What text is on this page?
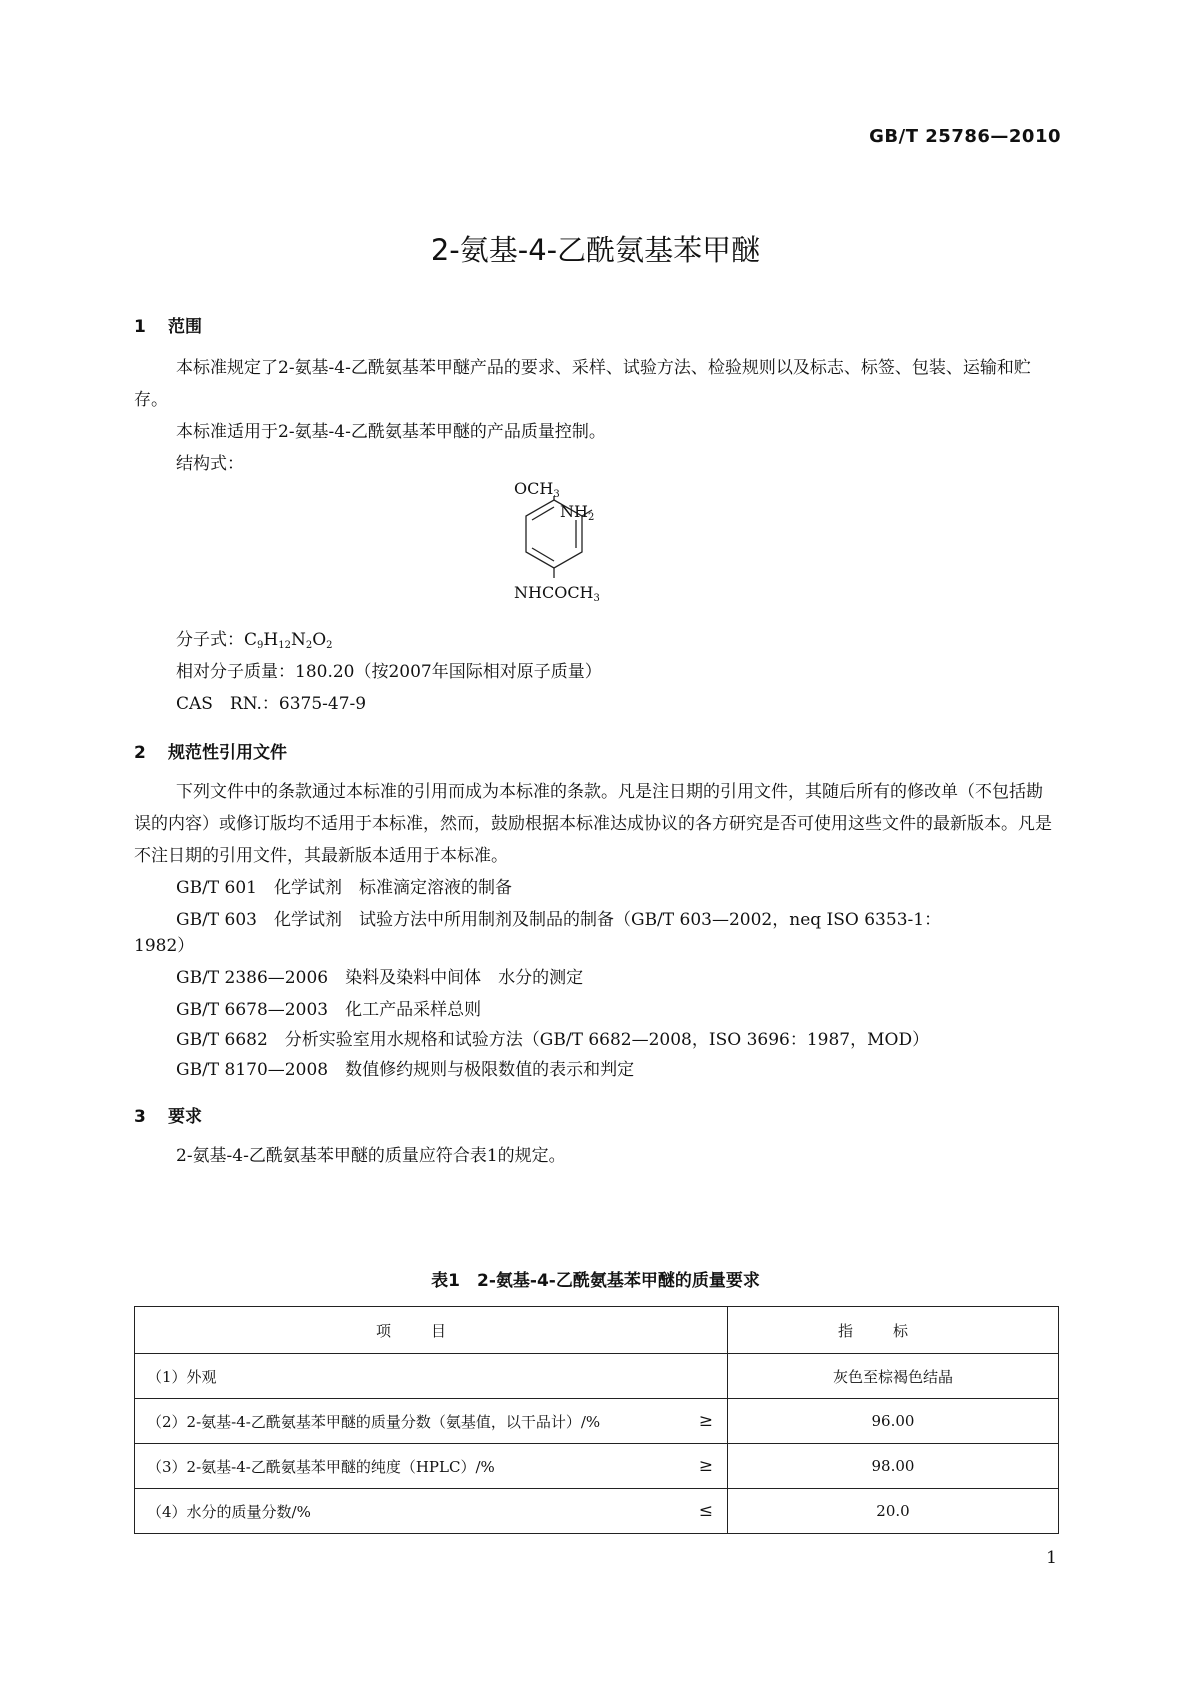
GB/T 25786—2010
2-氨基-4-乙酰氨基苯甲醚
1 范围
本标准规定了2-氨基-4-乙酰氨基苯甲醚产品的要求、采样、试验方法、检验规则以及标志、标签、包装、运输和贮存。
本标准适用于2-氨基-4-乙酰氨基苯甲醚的产品质量控制。
结构式：
OCH3
NH2
NHCOCH3
分子式：$C_9H_{12}N_2O_2$
相对分子质量：180.20（按2007年国际相对原子质量）
CAS　RN.：6375-47-9
2 规范性引用文件
下列文件中的条款通过本标准的引用而成为本标准的条款。凡是注日期的引用文件，其随后所有的修改单（不包括勘误的内容）或修订版均不适用于本标准，然而，鼓励根据本标准达成协议的各方研究是否可使用这些文件的最新版本。凡是不注日期的引用文件，其最新版本适用于本标准。
GB/T 601　化学试剂　标准滴定溶液的制备
GB/T 603　化学试剂　试验方法中所用制剂及制品的制备（GB/T 603—2002，neq ISO 6353-1：
1982）
GB/T 2386—2006　染料及染料中间体　水分的测定
GB/T 6678—2003　化工产品采样总则
GB/T 6682　分析实验室用水规格和试验方法（GB/T 6682—2008，ISO 3696：1987，MOD）
GB/T 8170—2008　数值修约规则与极限数值的表示和判定
3 要求
2-氨基-4-乙酰氨基苯甲醚的质量应符合表1的规定。
表1　2-氨基-4-乙酰氨基苯甲醚的质量要求
项目	指标
（1）外观	灰色至棕褐色结晶
（2）2-氨基-4-乙酰氨基苯甲醚的质量分数（氨基值，以干品计）/% ≥	96.00
（3）2-氨基-4-乙酰氨基苯甲醚的纯度（HPLC）/% ≥	98.00
（4）水分的质量分数/% ≤	20.0
1
